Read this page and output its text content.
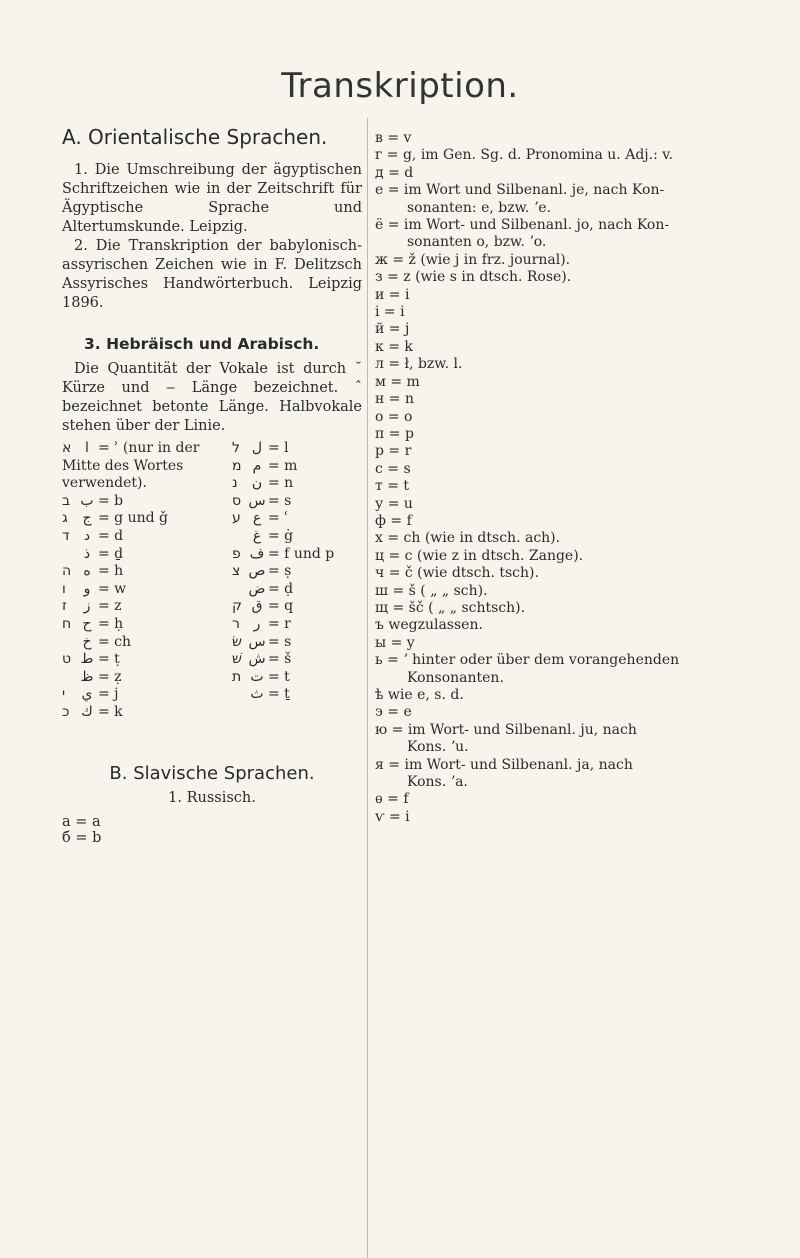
Transkription.
A. Orientalische Sprachen.

1. Die Umschreibung der ägyptischen Schriftzeichen wie in der Zeitschrift für Ägyptische Sprache und Altertumskunde. Leipzig.

2. Die Transkription der babylonisch-assyrischen Zeichen wie in F. Delitzsch Assyrisches Handwörterbuch. Leipzig 1896.

3. Hebräisch und Arabisch.

Die Quantität der Vokale ist durch ˘ Kürze und ‒ Länge bezeichnet. ˆ bezeichnet betonte Länge. Halbvokale stehen über der Linie.

א ا = ʾ (nur in der Mitte des Wortes verwendet).
ב ب = b
ג ج = g und ǧ
ד د = d
ذ = ḏ
ה ه = h
ו و = w
ז ز = z
ח ح = ḥ
خ = ch
ט ط = ṭ
ظ = ẓ
י ي = j
כ ك = k
ל ل = l
מ م = m
נ ن = n
ס س = s
ע ع = ʿ
غ = ġ
פ ف = f und p
צ ص = ṣ
ض = ḍ
ק ق = q
ר ر = r
שׂ س = s
שׁ ش = š
ת ت = t
ث = ṯ
B. Slavische Sprachen.
1. Russisch.
а = a
б = b
в = v
г = g, im Gen. Sg. d. Pronomina u. Adj.: v.
д = d
е = im Wort und Silbenanl. je, nach Kon-
sonanten: e, bzw. ʼe.
ё = im Wort- und Silbenanl. jo, nach Kon-
sonanten o, bzw. ʼo.
ж = ž (wie j in frz. journal).
з = z (wie s in dtsch. Rose).
и = i
і = i
й = j
к = k
л = ł, bzw. l.
м = m
н = n
о = o
п = p
р = r
с = s
т = t
у = u
ф = f
х = ch (wie in dtsch. ach).
ц = c (wie z in dtsch. Zange).
ч = č (wie dtsch. tsch).
ш = š ( „ „ sch).
щ = šč ( „ „ schtsch).
ъ wegzulassen.
ы = y
ь = ʼ hinter oder über dem vorangehenden
Konsonanten.
ѣ wie e, s. d.
э = e
ю = im Wort- und Silbenanl. ju, nach
Kons. ʼu.
я = im Wort- und Silbenanl. ja, nach
Kons. ʼa.
ѳ = f
ѵ = i
